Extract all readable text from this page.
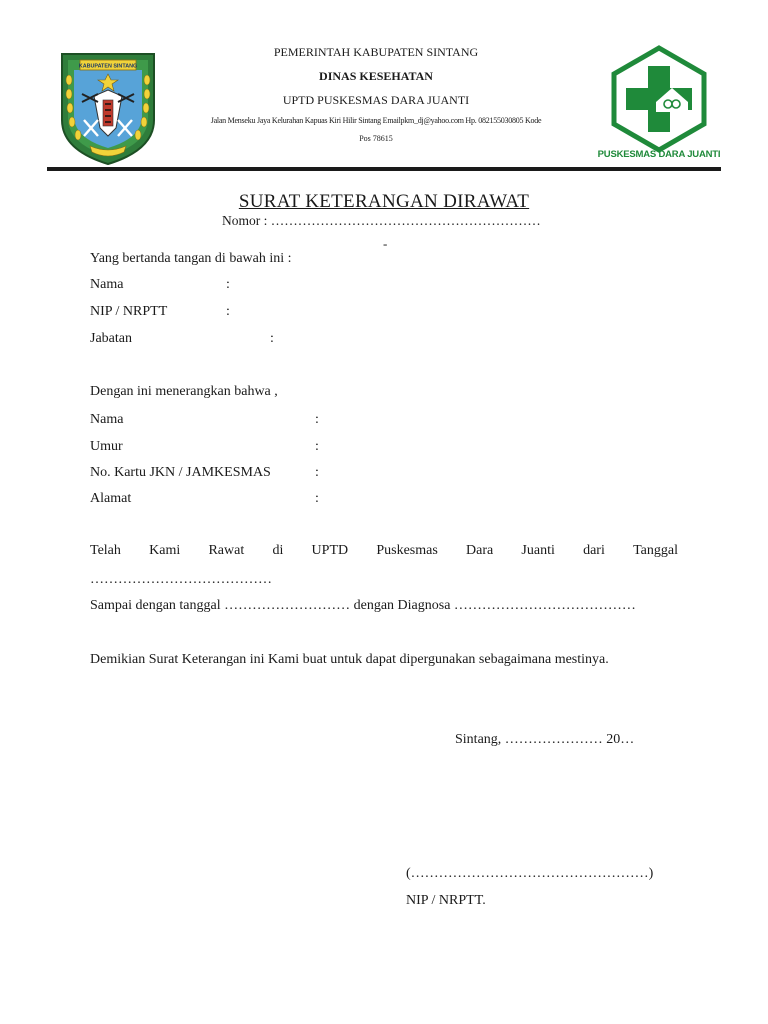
KABUPATEN SINTANG
PEMERINTAH KABUPATEN SINTANG
DINAS KESEHATAN
UPTD PUSKESMAS DARA JUANTI
Jalan Menseku Jaya Kelurahan Kapuas Kiri Hilir Sintang Emailpkm_dj@yahoo.com Hp. 082155030805 Kode
Pos 78615
PUSKESMAS DARA JUANTI
SURAT KETERANGAN DIRAWAT
Nomor : ……………………………………………………
-
Yang bertanda tangan di bawah ini :
Nama	:
NIP / NRPTT	:
Jabatan	:
Dengan ini menerangkan bahwa ,
Nama	:
Umur	:
No. Kartu JKN / JAMKESMAS	:
Alamat	:
Telah Kami Rawat di UPTD Puskesmas Dara Juanti dari Tanggal
…………………………………
Sampai dengan tanggal ……………………… dengan Diagnosa …………………………………
Demikian Surat Keterangan ini Kami buat untuk dapat dipergunakan sebagaimana mestinya.
Sintang, ………………… 20…
(……………………………………………)
NIP / NRPTT.
